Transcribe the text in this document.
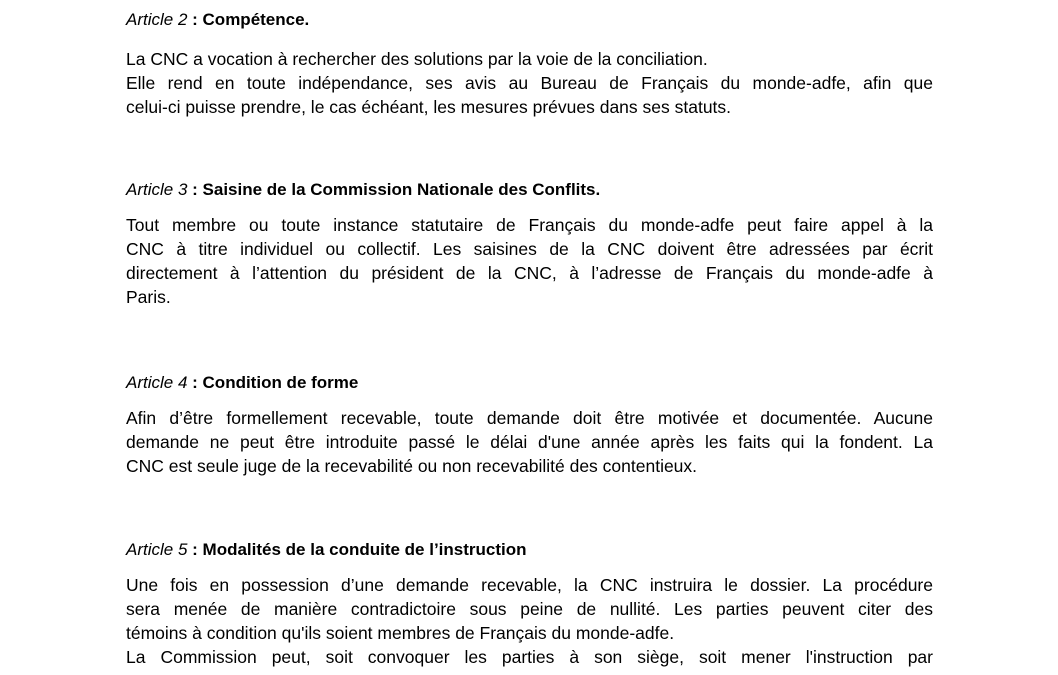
Article 2 : Compétence.
La CNC a vocation à rechercher des solutions par la voie de la conciliation.
Elle rend en toute indépendance, ses avis au Bureau de Français du monde-adfe, afin que
celui-ci puisse prendre, le cas échéant, les mesures prévues dans ses statuts.
Article 3 : Saisine de la Commission Nationale des Conflits.
Tout membre ou toute instance statutaire de Français du monde-adfe peut faire appel à la
CNC à titre individuel ou collectif. Les saisines de la CNC doivent être adressées par écrit
directement à l’attention du président de la CNC, à l’adresse de Français du monde-adfe à
Paris.
Article 4 : Condition de forme
Afin d’être formellement recevable, toute demande doit être motivée et documentée. Aucune
demande ne peut être introduite passé le délai d'une année après les faits qui la fondent. La
CNC est seule juge de la recevabilité ou non recevabilité des contentieux.
Article 5 : Modalités de la conduite de l’instruction
Une fois en possession d’une demande recevable, la CNC instruira le dossier. La procédure
sera menée de manière contradictoire sous peine de nullité. Les parties peuvent citer des
témoins à condition qu'ils soient membres de Français du monde-adfe.
La Commission peut, soit convoquer les parties à son siège, soit mener l'instruction par
